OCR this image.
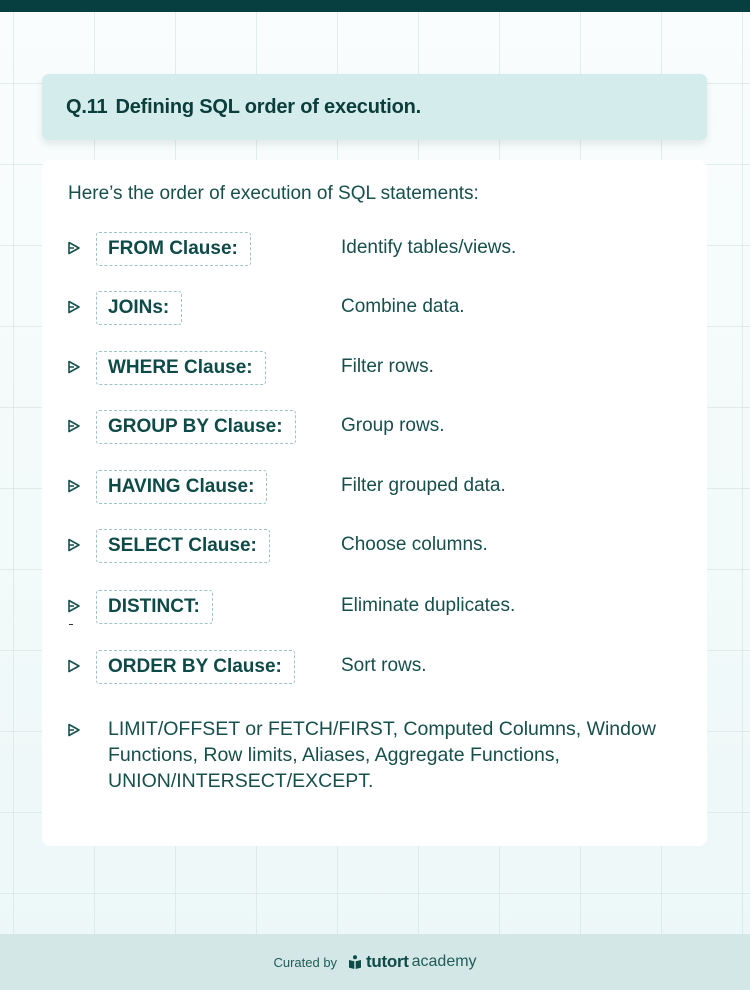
Q.11 Defining SQL order of execution.
Here’s the order of execution of SQL statements:
FROM Clause:	Identify tables/views.
JOINs:	Combine data.
WHERE Clause:	Filter rows.
GROUP BY Clause:	Group rows.
HAVING Clause:	Filter grouped data.
SELECT Clause:	Choose columns.
DISTINCT:	Eliminate duplicates.
ORDER BY Clause:	Sort rows.
LIMIT/OFFSET or FETCH/FIRST, Computed Columns, Window Functions, Row limits, Aliases, Aggregate Functions, UNION/INTERSECT/EXCEPT.
Curated by tutort academy
